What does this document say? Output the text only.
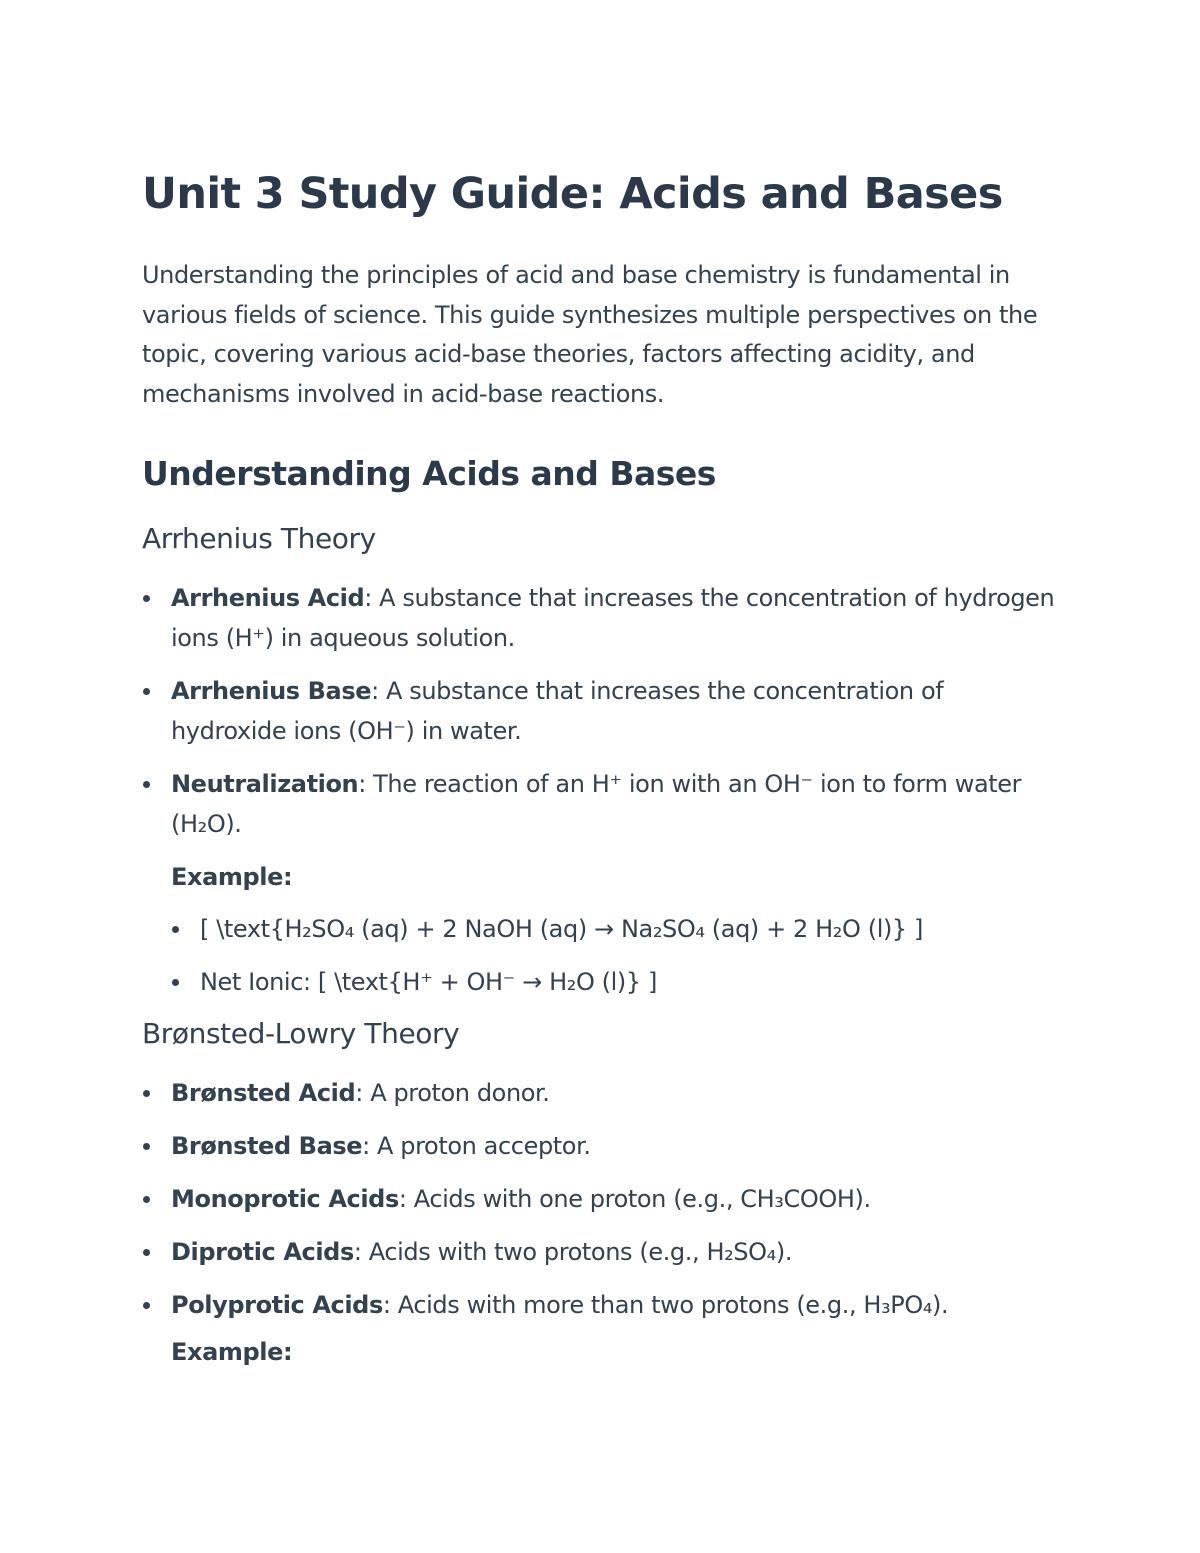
Unit 3 Study Guide: Acids and Bases

Understanding the principles of acid and base chemistry is fundamental in various fields of science. This guide synthesizes multiple perspectives on the topic, covering various acid-base theories, factors affecting acidity, and mechanisms involved in acid-base reactions.

Understanding Acids and Bases
Arrhenius Theory
Arrhenius Acid: A substance that increases the concentration of hydrogen ions (H⁺) in aqueous solution.
Arrhenius Base: A substance that increases the concentration of hydroxide ions (OH⁻) in water.
Neutralization: The reaction of an H⁺ ion with an OH⁻ ion to form water (H₂O).
Example:
[ \text{H₂SO₄ (aq) + 2 NaOH (aq) → Na₂SO₄ (aq) + 2 H₂O (l)} ]
Net Ionic: [ \text{H⁺ + OH⁻ → H₂O (l)} ]
Brønsted-Lowry Theory
Brønsted Acid: A proton donor.
Brønsted Base: A proton acceptor.
Monoprotic Acids: Acids with one proton (e.g., CH₃COOH).
Diprotic Acids: Acids with two protons (e.g., H₂SO₄).
Polyprotic Acids: Acids with more than two protons (e.g., H₃PO₄).
Example:
